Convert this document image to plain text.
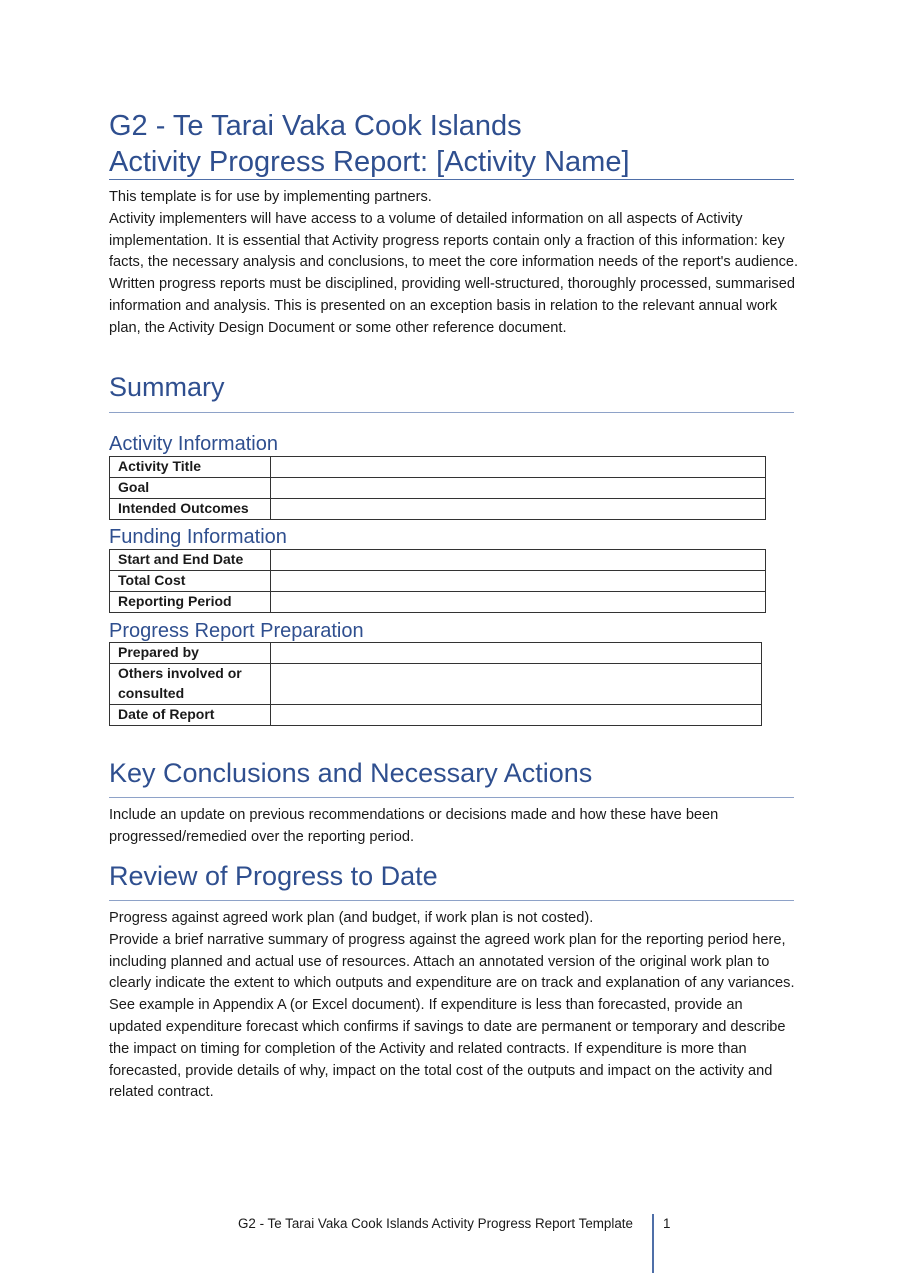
G2 - Te Tarai Vaka Cook Islands
Activity Progress Report: [Activity Name]

This template is for use by implementing partners.

Activity implementers will have access to a volume of detailed information on all aspects of Activity implementation. It is essential that Activity progress reports contain only a fraction of this information: key facts, the necessary analysis and conclusions, to meet the core information needs of the report's audience.

Written progress reports must be disciplined, providing well-structured, thoroughly processed, summarised information and analysis. This is presented on an exception basis in relation to the relevant annual work plan, the Activity Design Document or some other reference document.

Summary
Activity Information
Activity Title	
Goal	
Intended Outcomes	
Funding Information
Start and End Date	
Total Cost	
Reporting Period	
Progress Report Preparation
Prepared by	
Others involved or consulted	
Date of Report	
Key Conclusions and Necessary Actions

Include an update on previous recommendations or decisions made and how these have been progressed/remedied over the reporting period.

Review of Progress to Date

Progress against agreed work plan (and budget, if work plan is not costed).

Provide a brief narrative summary of progress against the agreed work plan for the reporting period here, including planned and actual use of resources. Attach an annotated version of the original work plan to clearly indicate the extent to which outputs and expenditure are on track and explanation of any variances. See example in Appendix A (or Excel document). If expenditure is less than forecasted, provide an updated expenditure forecast which confirms if savings to date are permanent or temporary and describe the impact on timing for completion of the Activity and related contracts. If expenditure is more than forecasted, provide details of why, impact on the total cost of the outputs and impact on the activity and related contract.

G2 - Te Tarai Vaka Cook Islands Activity Progress Report Template 1
